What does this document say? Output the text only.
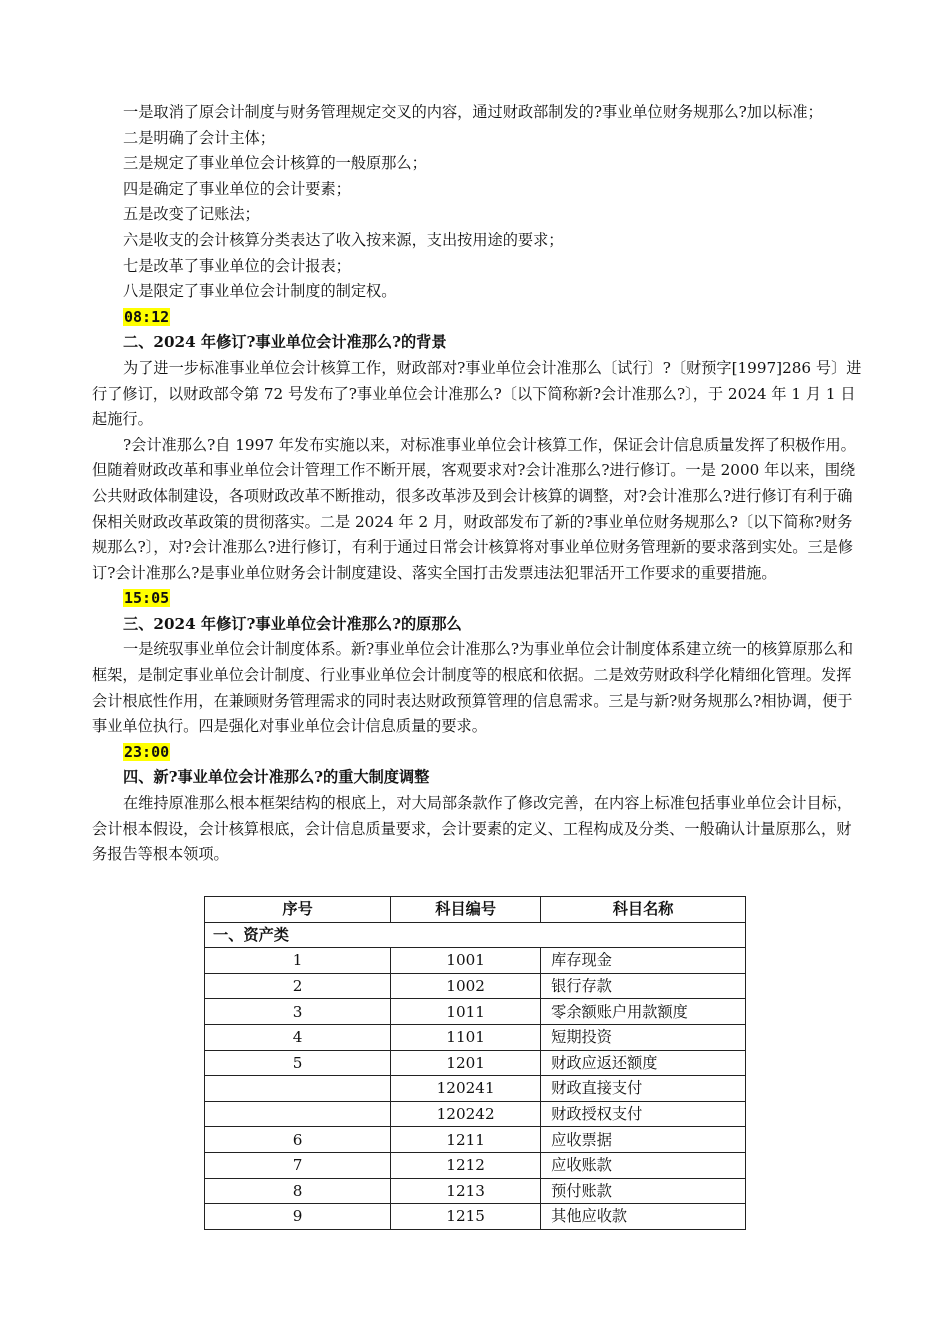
一是取消了原会计制度与财务管理规定交叉的内容，通过财政部制发的?事业单位财务规那么?加以标准；

二是明确了会计主体；

三是规定了事业单位会计核算的一般原那么；

四是确定了事业单位的会计要素；

五是改变了记账法；

六是收支的会计核算分类表达了收入按来源，支出按用途的要求；

七是改革了事业单位的会计报表；

八是限定了事业单位会计制度的制定权。

08:12

二、2024 年修订?事业单位会计准那么?的背景

为了进一步标准事业单位会计核算工作，财政部对?事业单位会计准那么〔试行〕?〔财预字[1997]286 号〕进行了修订，以财政部令第 72 号发布了?事业单位会计准那么?〔以下简称新?会计准那么?〕，于 2024 年 1 月 1 日起施行。

?会计准那么?自 1997 年发布实施以来，对标准事业单位会计核算工作，保证会计信息质量发挥了积极作用。但随着财政改革和事业单位会计管理工作不断开展，客观要求对?会计准那么?进行修订。一是 2000 年以来，围绕公共财政体制建设，各项财政改革不断推动，很多改革涉及到会计核算的调整，对?会计准那么?进行修订有利于确保相关财政改革政策的贯彻落实。二是 2024 年 2 月，财政部发布了新的?事业单位财务规那么?〔以下简称?财务规那么?〕，对?会计准那么?进行修订，有利于通过日常会计核算将对事业单位财务管理新的要求落到实处。三是修订?会计准那么?是事业单位财务会计制度建设、落实全国打击发票违法犯罪活开工作要求的重要措施。

15:05

三、2024 年修订?事业单位会计准那么?的原那么

一是统驭事业单位会计制度体系。新?事业单位会计准那么?为事业单位会计制度体系建立统一的核算原那么和框架，是制定事业单位会计制度、行业事业单位会计制度等的根底和依据。二是效劳财政科学化精细化管理。发挥会计根底性作用，在兼顾财务管理需求的同时表达财政预算管理的信息需求。三是与新?财务规那么?相协调，便于事业单位执行。四是强化对事业单位会计信息质量的要求。

23:00

四、新?事业单位会计准那么?的重大制度调整

在维持原准那么根本框架结构的根底上，对大局部条款作了修改完善，在内容上标准包括事业单位会计目标，会计根本假设，会计核算根底，会计信息质量要求，会计要素的定义、工程构成及分类、一般确认计量原那么，财务报告等根本领项。

序号	科目编号	科目名称
一、资产类		
1	1001	库存现金
2	1002	银行存款
3	1011	零余额账户用款额度
4	1101	短期投资
5	1201	财政应返还额度
	120241	财政直接支付
	120242	财政授权支付
6	1211	应收票据
7	1212	应收账款
8	1213	预付账款
9	1215	其他应收款
